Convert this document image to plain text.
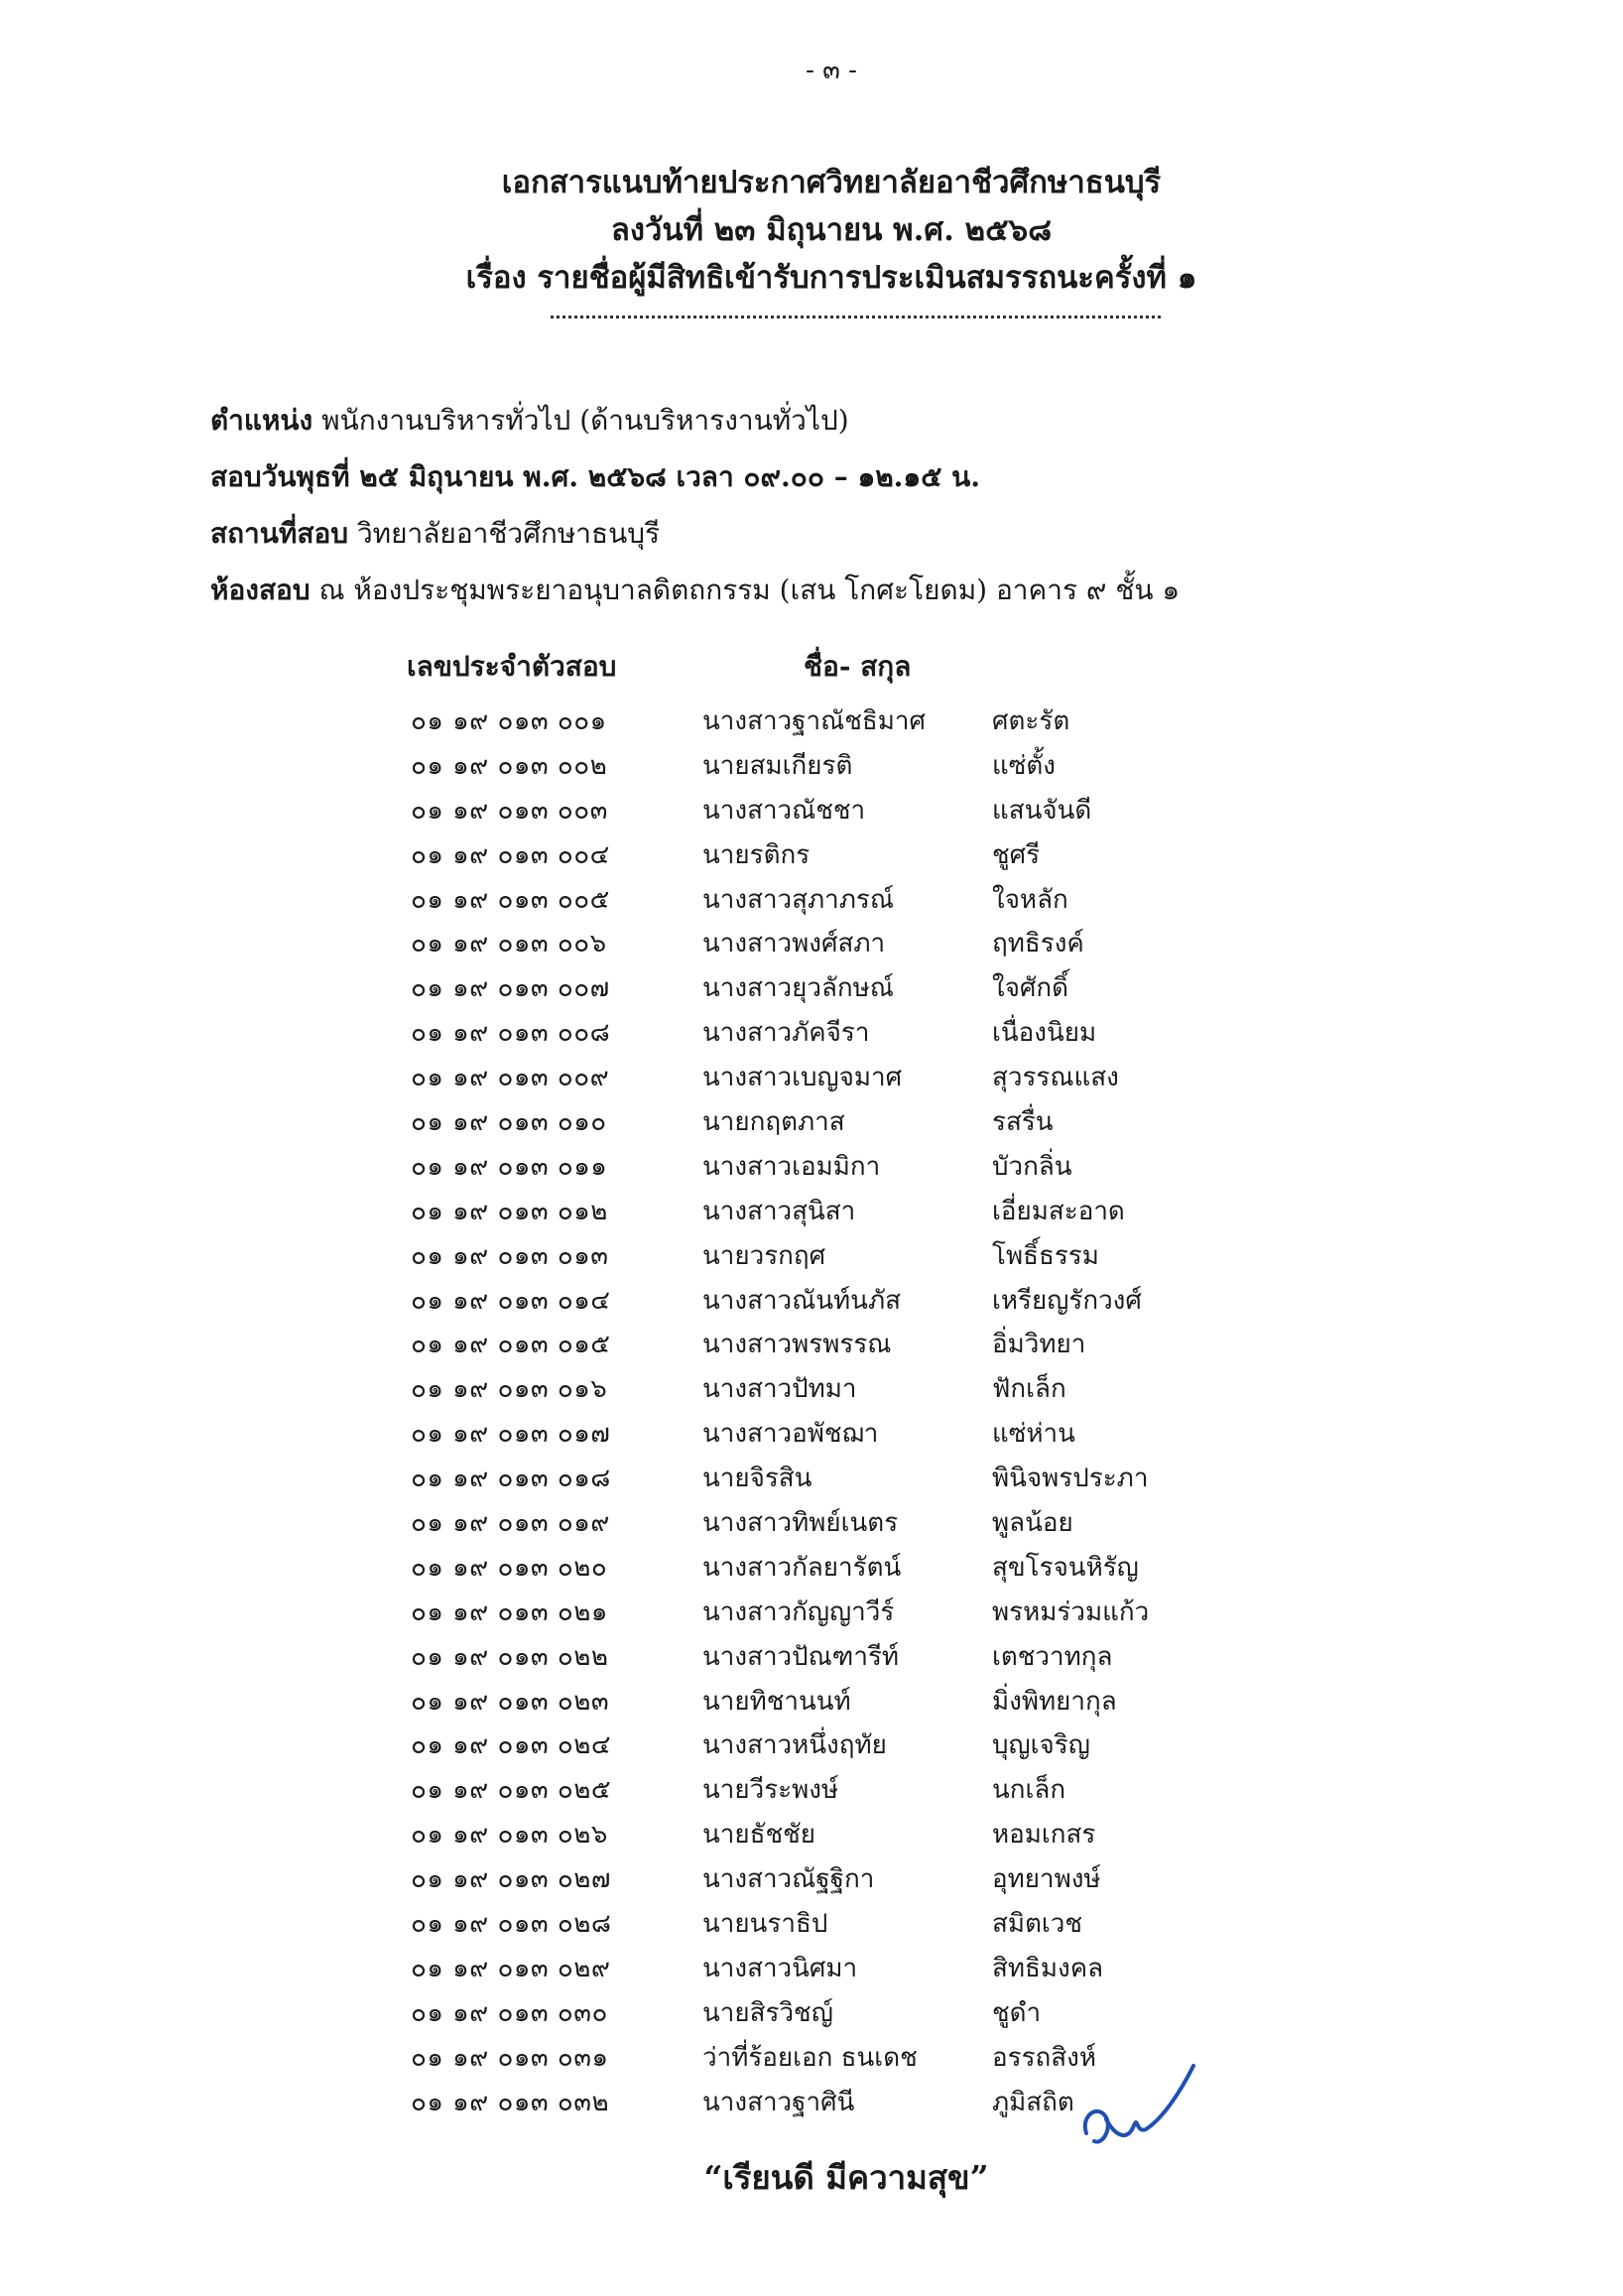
- ๓ -
เอกสารแนบท้ายประกาศวิทยาลัยอาชีวศึกษาธนบุรี
ลงวันที่ ๒๓ มิถุนายน พ.ศ. ๒๕๖๘
เรื่อง รายชื่อผู้มีสิทธิเข้ารับการประเมินสมรรถนะครั้งที่ ๑
ตำแหน่ง พนักงานบริหารทั่วไป (ด้านบริหารงานทั่วไป)
สอบวันพุธที่ ๒๕ มิถุนายน พ.ศ. ๒๕๖๘ เวลา ๐๙.๐๐ – ๑๒.๑๕ น.
สถานที่สอบ วิทยาลัยอาชีวศึกษาธนบุรี
ห้องสอบ ณ ห้องประชุมพระยาอนุบาลดิตถกรรม (เสน โกศะโยดม) อาคาร ๙ ชั้น ๑
เลขประจำตัวสอบ	ชื่อ- สกุล
๐๑ ๑๙ ๐๑๓ ๐๐๑	นางสาวฐาณัชธิมาศ	ศตะรัต
๐๑ ๑๙ ๐๑๓ ๐๐๒	นายสมเกียรติ	แซ่ตั้ง
๐๑ ๑๙ ๐๑๓ ๐๐๓	นางสาวณัชชา	แสนจันดี
๐๑ ๑๙ ๐๑๓ ๐๐๔	นายรติกร	ชูศรี
๐๑ ๑๙ ๐๑๓ ๐๐๕	นางสาวสุภาภรณ์	ใจหลัก
๐๑ ๑๙ ๐๑๓ ๐๐๖	นางสาวพงศ์สภา	ฤทธิรงค์
๐๑ ๑๙ ๐๑๓ ๐๐๗	นางสาวยุวลักษณ์	ใจศักดิ์
๐๑ ๑๙ ๐๑๓ ๐๐๘	นางสาวภัคจีรา	เนื่องนิยม
๐๑ ๑๙ ๐๑๓ ๐๐๙	นางสาวเบญจมาศ	สุวรรณแสง
๐๑ ๑๙ ๐๑๓ ๐๑๐	นายกฤตภาส	รสรื่น
๐๑ ๑๙ ๐๑๓ ๐๑๑	นางสาวเอมมิกา	บัวกลิ่น
๐๑ ๑๙ ๐๑๓ ๐๑๒	นางสาวสุนิสา	เอี่ยมสะอาด
๐๑ ๑๙ ๐๑๓ ๐๑๓	นายวรกฤศ	โพธิ์ธรรม
๐๑ ๑๙ ๐๑๓ ๐๑๔	นางสาวณันท์นภัส	เหรียญรักวงศ์
๐๑ ๑๙ ๐๑๓ ๐๑๕	นางสาวพรพรรณ	อิ่มวิทยา
๐๑ ๑๙ ๐๑๓ ๐๑๖	นางสาวปัทมา	ฟักเล็ก
๐๑ ๑๙ ๐๑๓ ๐๑๗	นางสาวอพัชฌา	แซ่ห่าน
๐๑ ๑๙ ๐๑๓ ๐๑๘	นายจิรสิน	พินิจพรประภา
๐๑ ๑๙ ๐๑๓ ๐๑๙	นางสาวทิพย์เนตร	พูลน้อย
๐๑ ๑๙ ๐๑๓ ๐๒๐	นางสาวกัลยารัตน์	สุขโรจนหิรัญ
๐๑ ๑๙ ๐๑๓ ๐๒๑	นางสาวกัญญาวีร์	พรหมร่วมแก้ว
๐๑ ๑๙ ๐๑๓ ๐๒๒	นางสาวปัณฑารีท์	เตชวาทกุล
๐๑ ๑๙ ๐๑๓ ๐๒๓	นายทิชานนท์	มิ่งพิทยากุล
๐๑ ๑๙ ๐๑๓ ๐๒๔	นางสาวหนึ่งฤทัย	บุญเจริญ
๐๑ ๑๙ ๐๑๓ ๐๒๕	นายวีระพงษ์	นกเล็ก
๐๑ ๑๙ ๐๑๓ ๐๒๖	นายธัชชัย	หอมเกสร
๐๑ ๑๙ ๐๑๓ ๐๒๗	นางสาวณัฐฐิกา	อุทยาพงษ์
๐๑ ๑๙ ๐๑๓ ๐๒๘	นายนราธิป	สมิตเวช
๐๑ ๑๙ ๐๑๓ ๐๒๙	นางสาวนิศมา	สิทธิมงคล
๐๑ ๑๙ ๐๑๓ ๐๓๐	นายสิรวิชญ์	ชูดำ
๐๑ ๑๙ ๐๑๓ ๐๓๑	ว่าที่ร้อยเอก ธนเดช	อรรถสิงห์
๐๑ ๑๙ ๐๑๓ ๐๓๒	นางสาวฐาศินี	ภูมิสถิต
“เรียนดี มีความสุข”
